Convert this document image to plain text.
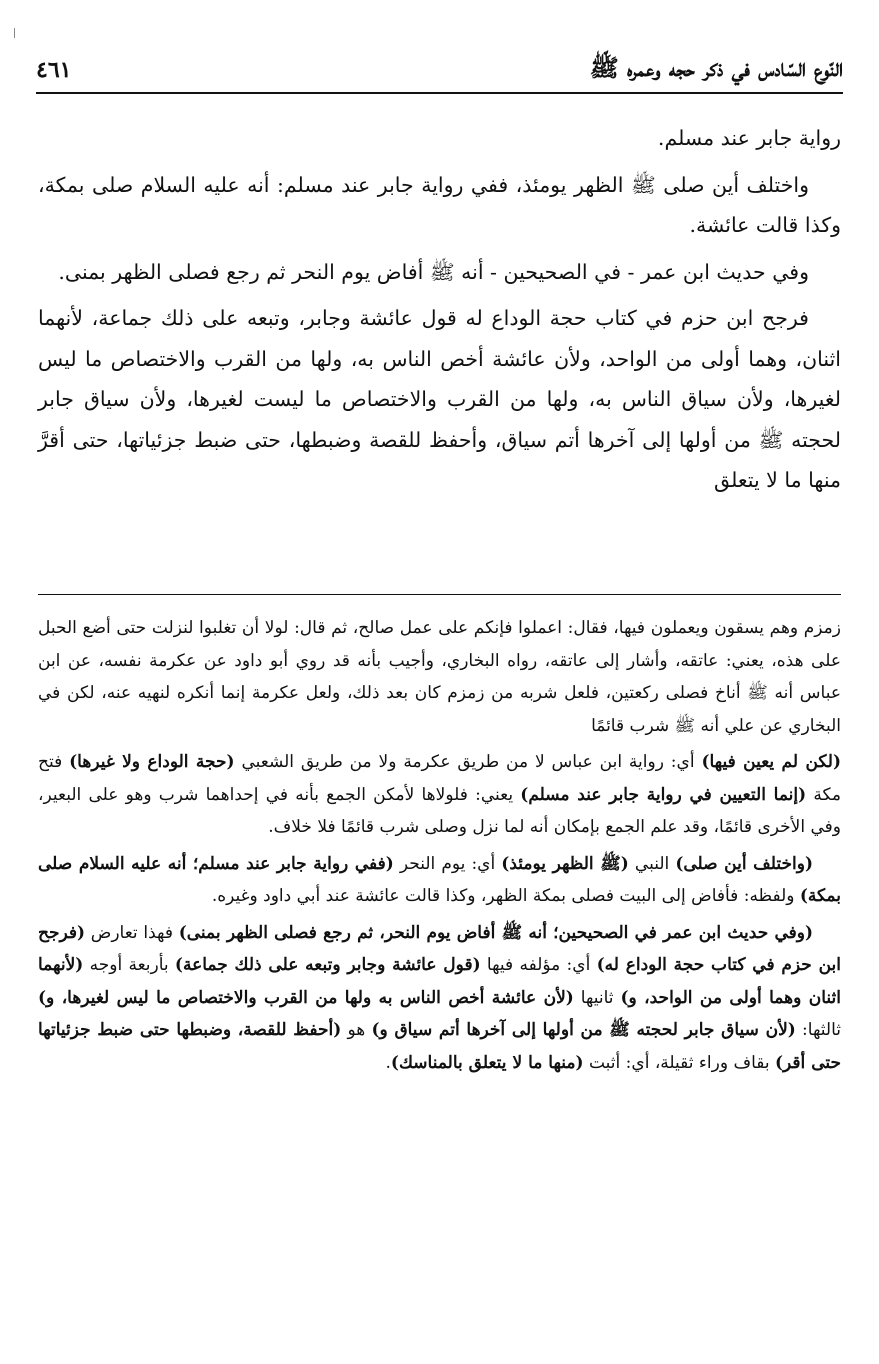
النّوع السّادس في ذكر حجه وعمره ﷺ
٤٦١

رواية جابر عند مسلم.

واختلف أين صلى ﷺ الظهر يومئذ، ففي رواية جابر عند مسلم: أنه عليه السلام صلى بمكة، وكذا قالت عائشة.

وفي حديث ابن عمر - في الصحيحين - أنه ﷺ أفاض يوم النحر ثم رجع فصلى الظهر بمنى.

فرجح ابن حزم في كتاب حجة الوداع له قول عائشة وجابر، وتبعه على ذلك جماعة، لأنهما اثنان، وهما أولى من الواحد، ولأن عائشة أخص الناس به، ولها من القرب والاختصاص ما ليس لغيرها، ولأن سياق الناس به، ولها من القرب والاختصاص ما ليست لغيرها، ولأن سياق جابر لحجته ﷺ من أولها إلى آخرها أتم سياق، وأحفظ للقصة وضبطها، حتى ضبط جزئياتها، حتى أقرَّ منها ما لا يتعلق

زمزم وهم يسقون ويعملون فيها، فقال: اعملوا فإنكم على عمل صالح، ثم قال: لولا أن تغلبوا لنزلت حتى أضع الحبل على هذه، يعني: عاتقه، وأشار إلى عاتقه، رواه البخاري، وأجيب بأنه قد روي أبو داود عن عكرمة نفسه، عن ابن عباس أنه ﷺ أناخ فصلى ركعتين، فلعل شربه من زمزم كان بعد ذلك، ولعل عكرمة إنما أنكره لنهيه عنه، لكن في البخاري عن علي أنه ﷺ شرب قائمًا

(لكن لم يعين فيها) أي: رواية ابن عباس لا من طريق عكرمة ولا من طريق الشعبي (حجة الوداع ولا غيرها) فتح مكة (إنما التعيين في رواية جابر عند مسلم) يعني: فلولاها لأمكن الجمع بأنه في إحداهما شرب وهو على البعير، وفي الأخرى قائمًا، وقد علم الجمع بإمكان أنه لما نزل وصلى شرب قائمًا فلا خلاف.

(واختلف أين صلى) النبي (ﷺ الظهر يومئذ) أي: يوم النحر (ففي رواية جابر عند مسلم؛ أنه عليه السلام صلى بمكة) ولفظه: فأفاض إلى البيت فصلى بمكة الظهر، وكذا قالت عائشة عند أبي داود وغيره.

(وفي حديث ابن عمر في الصحيحين؛ أنه ﷺ أفاض يوم النحر، ثم رجع فصلى الظهر بمنى) فهذا تعارض (فرجح ابن حزم في كتاب حجة الوداع له) أي: مؤلفه فيها (قول عائشة وجابر وتبعه على ذلك جماعة) بأربعة أوجه (لأنهما اثنان وهما أولى من الواحد، و) ثانيها (لأن عائشة أخص الناس به ولها من القرب والاختصاص ما ليس لغيرها، و) ثالثها: (لأن سياق جابر لحجته ﷺ من أولها إلى آخرها أتم سياق و) هو (أحفظ للقصة، وضبطها حتى ضبط جزئياتها حتى أقر) بقاف وراء ثقيلة، أي: أثبت (منها ما لا يتعلق بالمناسك).
